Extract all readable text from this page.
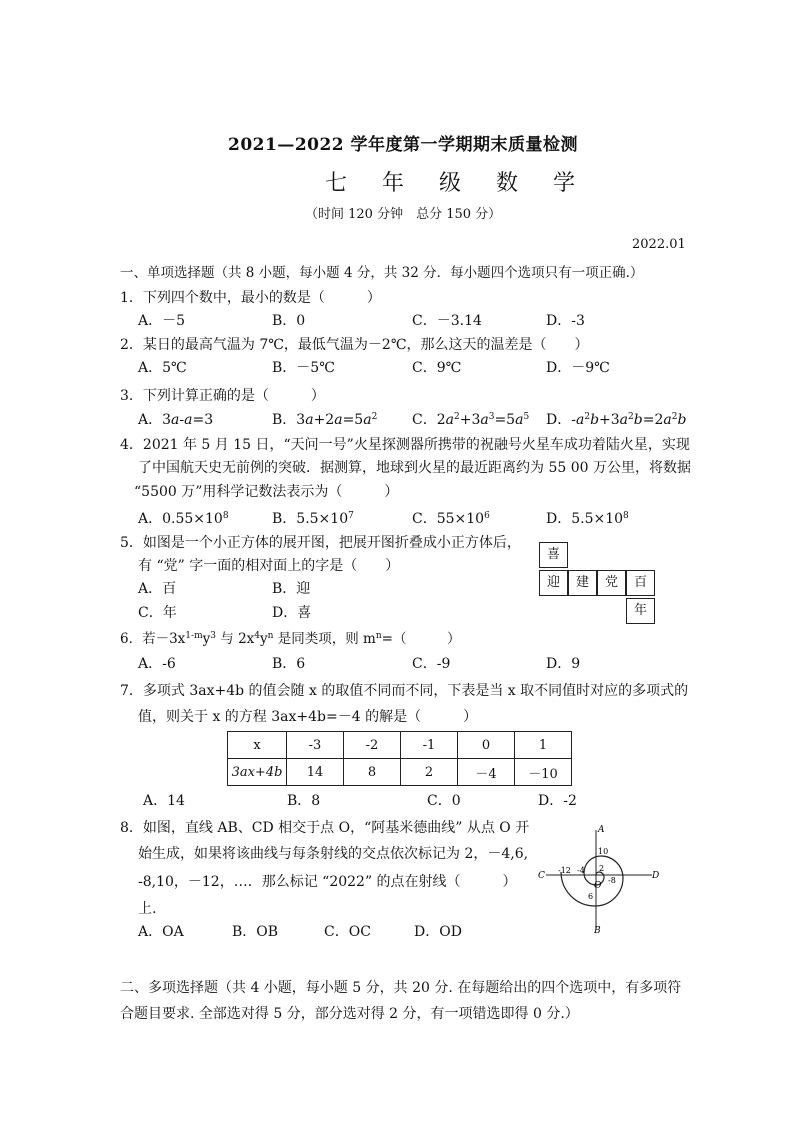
2021—2022 学年度第一学期期末质量检测
七 年 级 数 学
（时间 120 分钟　总分 150 分）
2022.01
一、单项选择题（共 8 小题，每小题 4 分，共 32 分．每小题四个选项只有一项正确.）
1．下列四个数中，最小的数是（　　　）
A．－5	B．0	C．－3.14	D．-3
2．某日的最高气温为 7℃，最低气温为－2℃，那么这天的温差是（　　）
A．5℃	B．－5℃	C．9℃	D．－9℃
3．下列计算正确的是（　　　）
A．3a-a=3	B．$3a+2a=5a^2$ C．$2a^2+3a^3=5a^5$ D．$-a^2b+3a^2b=2a^2b$
4．2021 年 5 月 15 日，“天问一号”火星探测器所携带的祝融号火星车成功着陆火星，实现
了中国航天史无前例的突破．据测算，地球到火星的最近距离约为 55 00 万公里，将数据
“5500 万”用科学记数法表示为（　　　）
A．$0.55\times 10^8$	B．$5.5\times 10^7$	C．$55\times 10^6$	D．$5.5\times 10^8$
5．如图是一个小正方体的展开图，把展开图折叠成小正方体后，
有 “党” 字一面的相对面上的字是（　　）
A．百	B．迎
C．年	D．喜
喜
迎	建	党	百
年
6．若$-3x^{1-m}y^3$ 与 $2x^4y^n$ 是同类项，则 $m^n=$（　　　）
A．-6	B．6	C．-9	D．9
7．多项式 3ax+4b 的值会随 x 的取值不同而不同，下表是当 x 取不同值时对应的多项式的
值，则关于 x 的方程 3ax+4b=－4 的解是（　　　）
x	-3	-2	-1	0	1
3ax+4b	14	8	2	－4	－10
A．14	B．8	C．0	D．-2
8．如图，直线 AB、CD 相交于点 O，“阿基米德曲线” 从点 O 开
始生成，如果将该曲线与每条射线的交点依次标记为 2，－4,6,
-8,10，－12，…．那么标记 “2022” 的点在射线（　　　）
上.
A．OA	B．OB	C．OC	D．OD
A
B
C	D
O
10
2
-12 -4
-8
6
二、多项选择题（共 4 小题，每小题 5 分，共 20 分. 在每题给出的四个选项中，有多项符
合题目要求. 全部选对得 5 分，部分选对得 2 分，有一项错选即得 0 分.）
